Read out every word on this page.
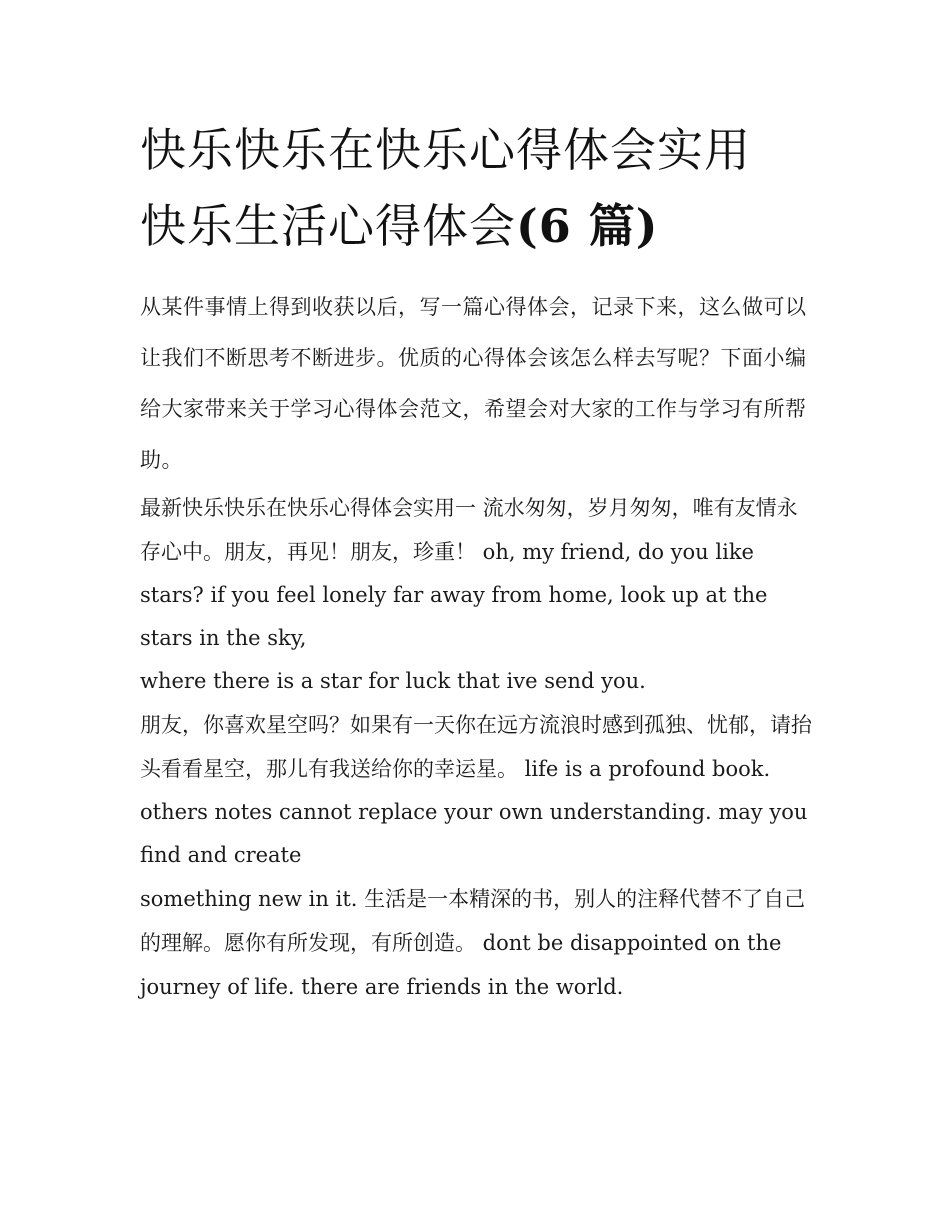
快乐快乐在快乐心得体会实用
快乐生活心得体会(6 篇)

从某件事情上得到收获以后，写一篇心得体会，记录下来，这么做可以让我们不断思考不断进步。优质的心得体会该怎么样去写呢？下面小编给大家带来关于学习心得体会范文，希望会对大家的工作与学习有所帮助。

最新快乐快乐在快乐心得体会实用一 流水匆匆，岁月匆匆，唯有友情永存心中。朋友，再见！朋友，珍重！ oh, my friend, do you like

stars? if you feel lonely far away from home, look up at the stars in the sky,

where there is a star for luck that ive send you.

朋友，你喜欢星空吗？如果有一天你在远方流浪时感到孤独、忧郁，请抬头看看星空，那儿有我送给你的幸运星。 life is a profound book.

others notes cannot replace your own understanding. may you find and create

something new in it. 生活是一本精深的书，别人的注释代替不了自己的理解。愿你有所发现，有所创造。 dont be disappointed on the journey of life. there are friends in the world.
